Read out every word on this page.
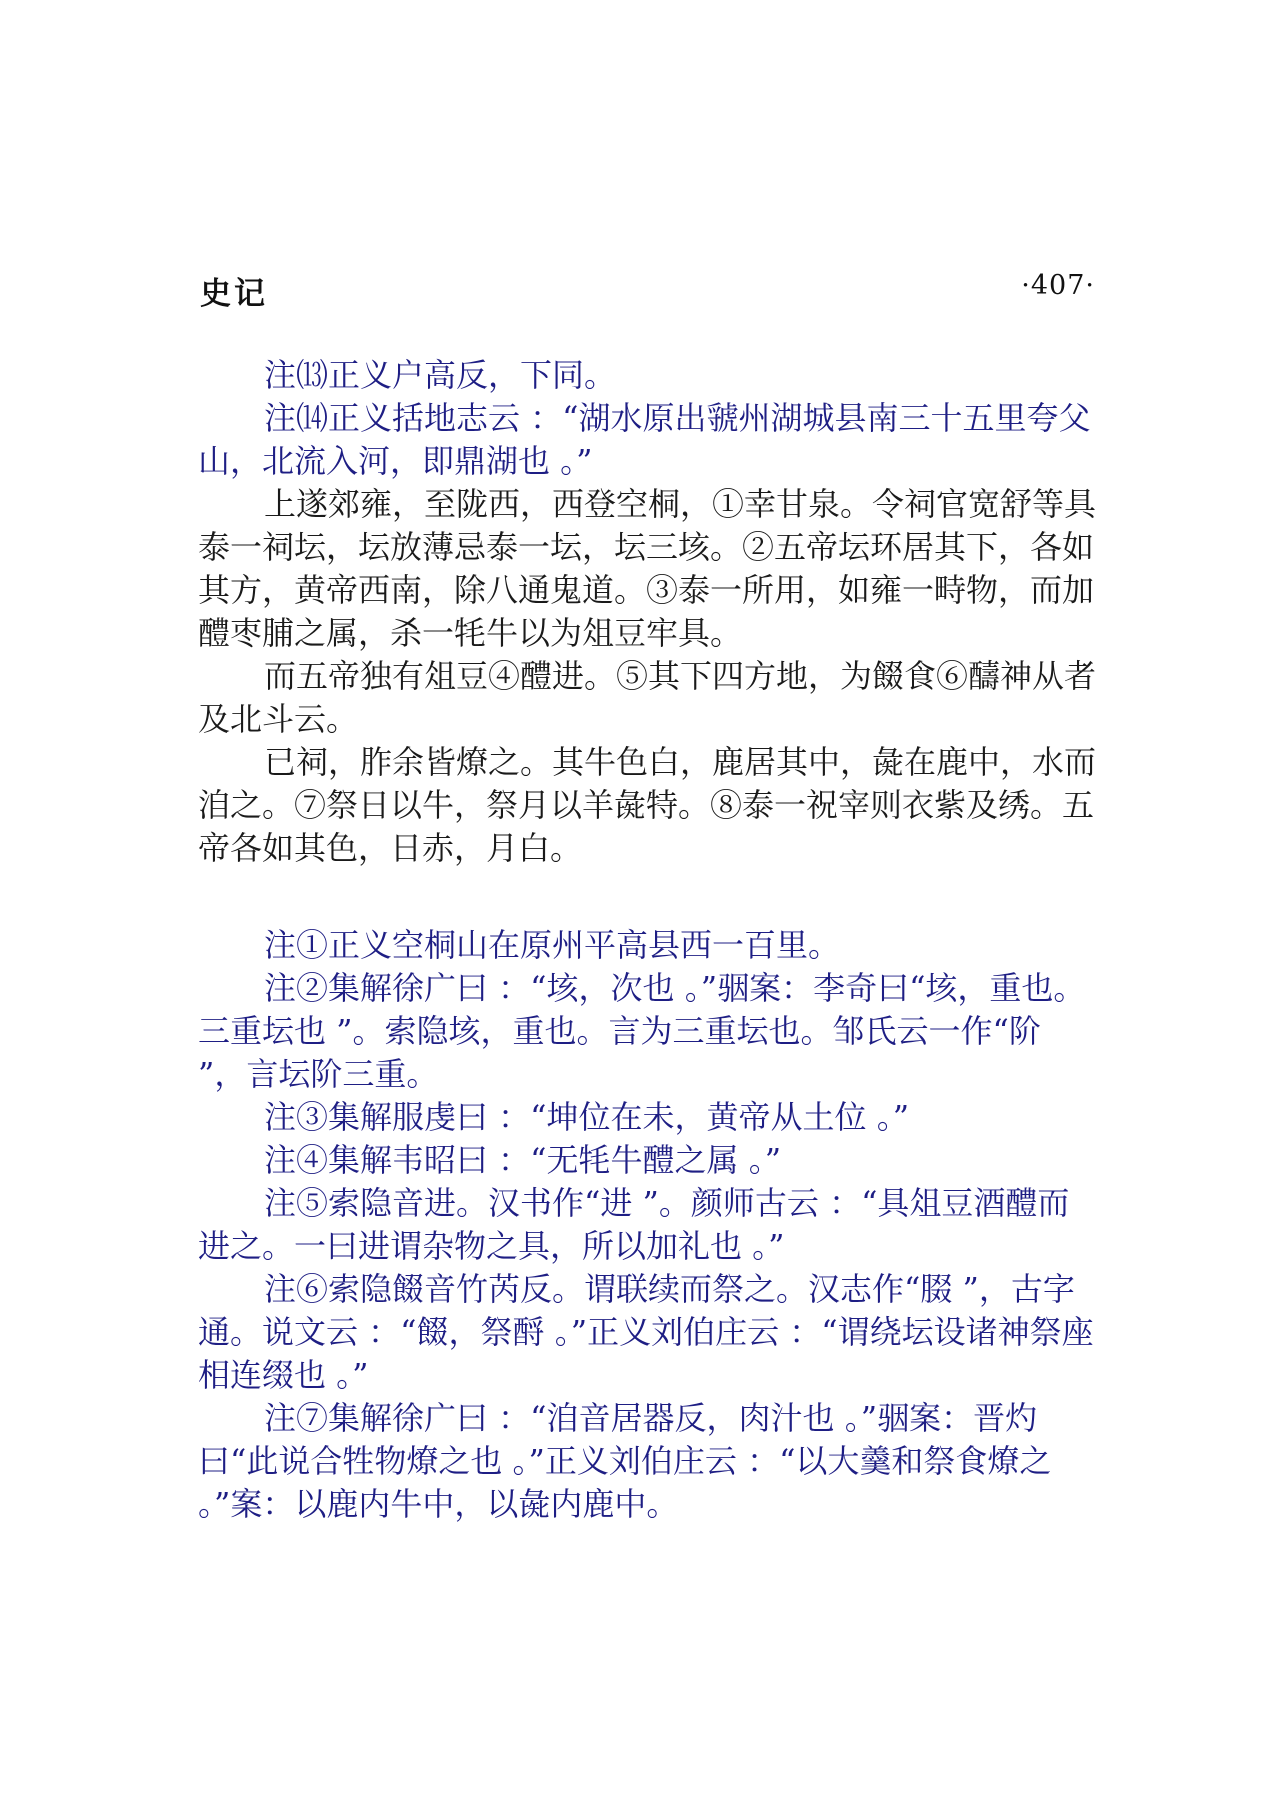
史记	·407·

注⒀正义户高反，下同。

注⒁正义括地志云 ：“湖水原出虢州湖城县南三十五里夸父山，北流入河，即鼎湖也 。”

上遂郊雍，至陇西，西登空桐，①幸甘泉。令祠官宽舒等具泰一祠坛，坛放薄忌泰一坛，坛三垓。②五帝坛环居其下，各如其方，黄帝西南，除八通鬼道。③泰一所用，如雍一畤物，而加醴枣脯之属，杀一牦牛以为俎豆牢具。

而五帝独有俎豆④醴进。⑤其下四方地，为餟食⑥醻神从者及北斗云。

已祠，胙余皆燎之。其牛色白，鹿居其中，彘在鹿中，水而洎之。⑦祭日以牛，祭月以羊彘特。⑧泰一祝宰则衣紫及绣。五帝各如其色，日赤，月白。

注①正义空桐山在原州平高县西一百里。

注②集解徐广曰 ：“垓，次也 。”骃案：李奇曰“垓，重也。三重坛也 ”。索隐垓，重也。言为三重坛也。邹氏云一作“阶 ”，言坛阶三重。

注③集解服虔曰 ：“坤位在未，黄帝从土位 。”

注④集解韦昭曰 ：“无牦牛醴之属 。”

注⑤索隐音进。汉书作“进 ”。颜师古云 ：“具俎豆酒醴而进之。一曰进谓杂物之具，所以加礼也 。”

注⑥索隐餟音竹芮反。谓联续而祭之。汉志作“腏 ”，古字通。说文云 ：“餟，祭酹 。”正义刘伯庄云 ：“谓绕坛设诸神祭座相连缀也 。”

注⑦集解徐广曰 ：“洎音居器反，肉汁也 。”骃案：晋灼曰“此说合牲物燎之也 。”正义刘伯庄云 ：“以大羹和祭食燎之 。”案：以鹿内牛中，以彘内鹿中。
